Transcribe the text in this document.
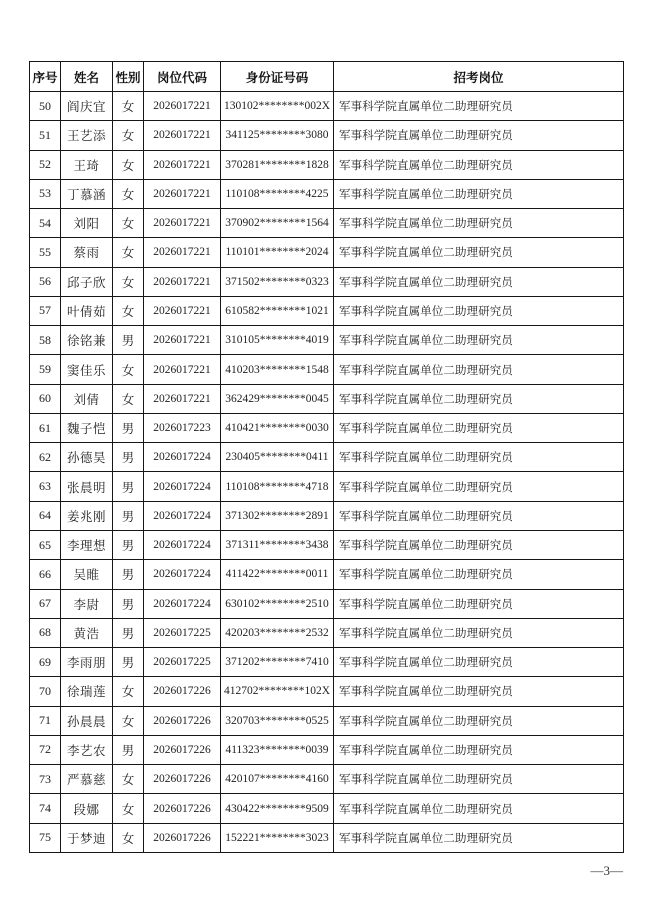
序号	姓名	性别	岗位代码	身份证号码	招考岗位
50	阎庆宜	女	2026017221	130102********002X	军事科学院直属单位二助理研究员
51	王艺添	女	2026017221	341125********3080	军事科学院直属单位二助理研究员
52	王琦	女	2026017221	370281********1828	军事科学院直属单位二助理研究员
53	丁慕涵	女	2026017221	110108********4225	军事科学院直属单位二助理研究员
54	刘阳	女	2026017221	370902********1564	军事科学院直属单位二助理研究员
55	蔡雨	女	2026017221	110101********2024	军事科学院直属单位二助理研究员
56	邱子欣	女	2026017221	371502********0323	军事科学院直属单位二助理研究员
57	叶倩茹	女	2026017221	610582********1021	军事科学院直属单位二助理研究员
58	徐铭兼	男	2026017221	310105********4019	军事科学院直属单位二助理研究员
59	窦佳乐	女	2026017221	410203********1548	军事科学院直属单位二助理研究员
60	刘倩	女	2026017221	362429********0045	军事科学院直属单位二助理研究员
61	魏子恺	男	2026017223	410421********0030	军事科学院直属单位二助理研究员
62	孙德昊	男	2026017224	230405********0411	军事科学院直属单位二助理研究员
63	张晨明	男	2026017224	110108********4718	军事科学院直属单位二助理研究员
64	姜兆刚	男	2026017224	371302********2891	军事科学院直属单位二助理研究员
65	李理想	男	2026017224	371311********3438	军事科学院直属单位二助理研究员
66	吴睢	男	2026017224	411422********0011	军事科学院直属单位二助理研究员
67	李尉	男	2026017224	630102********2510	军事科学院直属单位二助理研究员
68	黄浩	男	2026017225	420203********2532	军事科学院直属单位二助理研究员
69	李雨朋	男	2026017225	371202********7410	军事科学院直属单位二助理研究员
70	徐瑞莲	女	2026017226	412702********102X	军事科学院直属单位二助理研究员
71	孙晨晨	女	2026017226	320703********0525	军事科学院直属单位二助理研究员
72	李艺农	男	2026017226	411323********0039	军事科学院直属单位二助理研究员
73	严慕慈	女	2026017226	420107********4160	军事科学院直属单位二助理研究员
74	段娜	女	2026017226	430422********9509	军事科学院直属单位二助理研究员
75	于梦迪	女	2026017226	152221********3023	军事科学院直属单位二助理研究员
—3—
